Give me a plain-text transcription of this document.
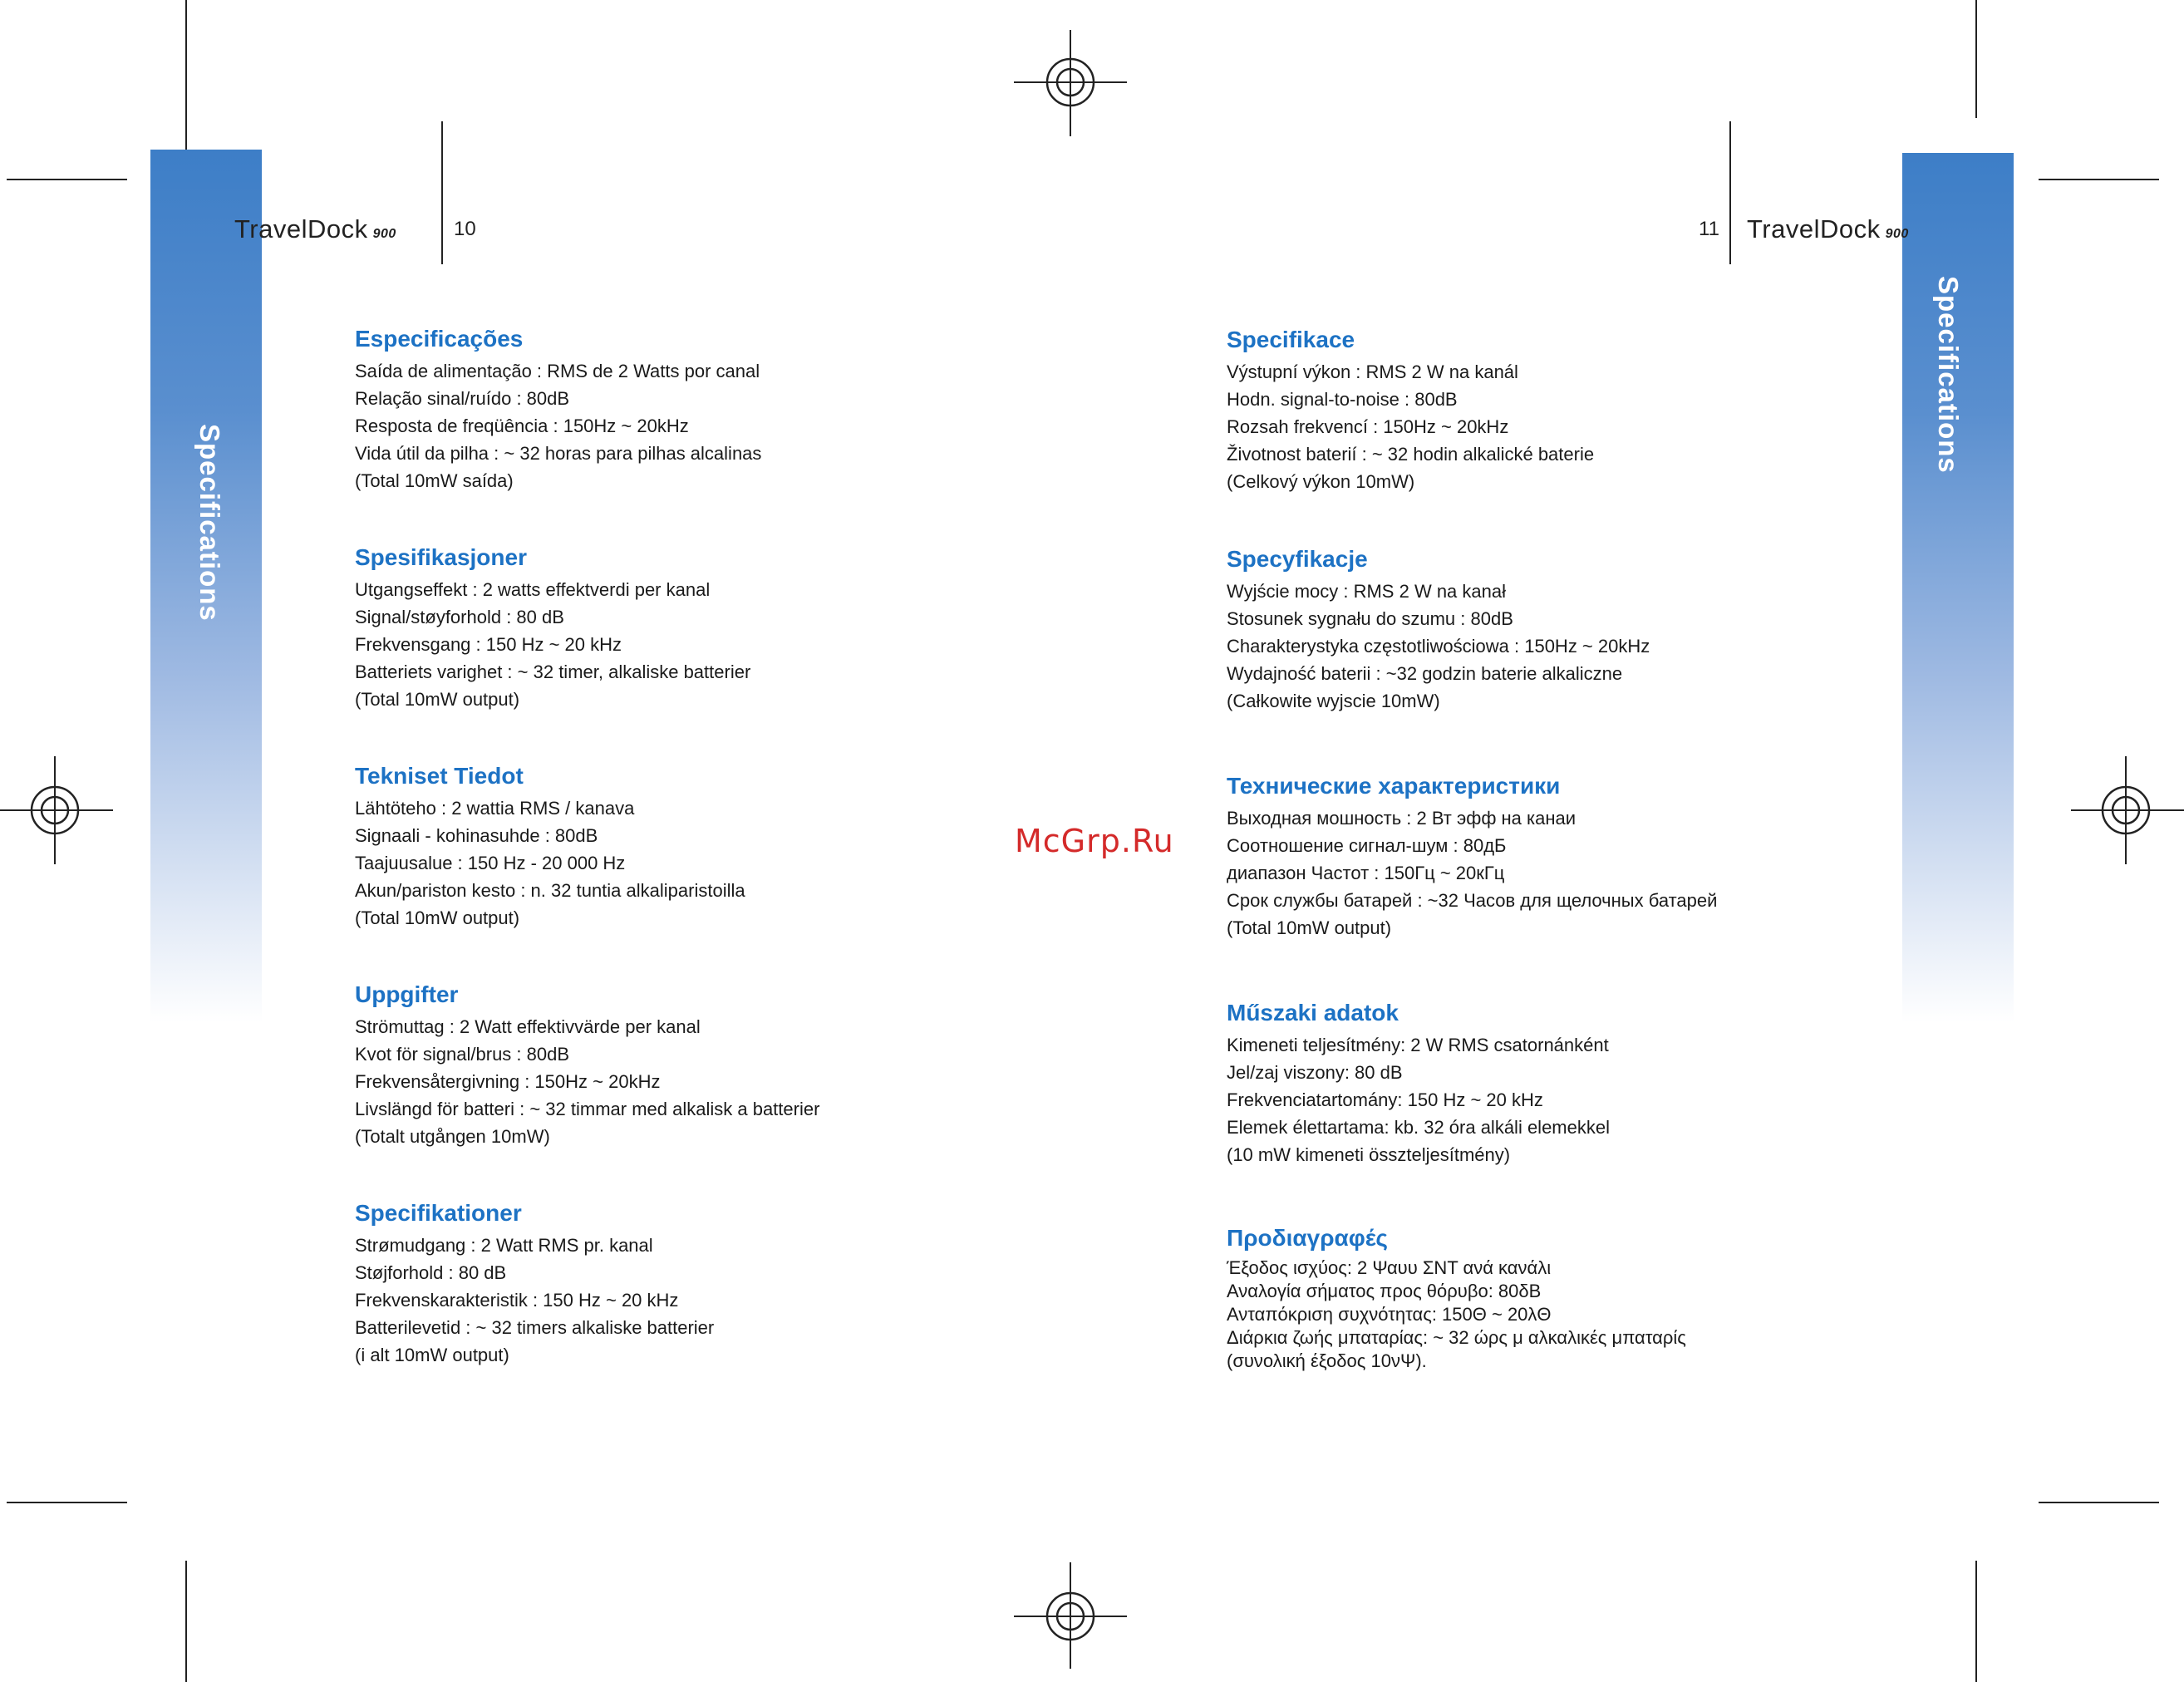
Specifications
Specifications
TravelDock 900	10	11 TravelDock 900
Especificações
Saída de alimentação : RMS de 2 Watts por canal
Relação sinal/ruído : 80dB
Resposta de freqüência : 150Hz ~ 20kHz
Vida útil da pilha : ~ 32 horas para pilhas alcalinas
(Total 10mW saída)
Spesifikasjoner
Utgangseffekt : 2 watts effektverdi per kanal
Signal/støyforhold : 80 dB
Frekvensgang : 150 Hz ~ 20 kHz
Batteriets varighet : ~ 32 timer, alkaliske batterier
(Total 10mW output)
Tekniset Tiedot
Lähtöteho : 2 wattia RMS / kanava
Signaali - kohinasuhde : 80dB
Taajuusalue : 150 Hz - 20 000 Hz
Akun/pariston kesto : n. 32 tuntia alkaliparistoilla
(Total 10mW output)
Uppgifter
Strömuttag : 2 Watt effektivvärde per kanal
Kvot för signal/brus : 80dB
Frekvensåtergivning : 150Hz ~ 20kHz
Livslängd för batteri : ~ 32 timmar med alkalisk a batterier
(Totalt utgången 10mW)
Specifikationer
Strømudgang : 2 Watt RMS pr. kanal
Støjforhold : 80 dB
Frekvenskarakteristik : 150 Hz ~ 20 kHz
Batterilevetid : ~ 32 timers alkaliske batterier
(i alt 10mW output)
McGrp.Ru
Specifikace
Výstupní výkon : RMS 2 W na kanál
Hodn. signal-to-noise : 80dB
Rozsah frekvencí : 150Hz ~ 20kHz
Životnost baterií : ~ 32 hodin alkalické baterie
(Celkový výkon 10mW)
Specyfikacje
Wyjście mocy : RMS 2 W na kanał
Stosunek sygnału do szumu : 80dB
Charakterystyka częstotliwościowa : 150Hz ~ 20kHz
Wydajność baterii : ~32 godzin baterie alkaliczne
(Całkowite wyjscie 10mW)
Технические характеристики
Выходная мошность : 2 Вт эфф на канаи
Соотношение сигнал-шум : 80дБ
диапазон Частот : 150Гц ~ 20кГц
Срок службы батарей : ~32 Часов для щелочных батарей
(Total 10mW output)
Műszaki adatok
Kimeneti teljesítmény: 2 W RMS csatornánként
Jel/zaj viszony: 80 dB
Frekvenciatartomány: 150 Hz ~ 20 kHz
Elemek élettartama: kb. 32 óra alkáli elemekkel
(10 mW kimeneti összteljesítmény)
Προδιαγραφές
Έξοδος ισχύος: 2 Ψαυυ ΣΝΤ ανά κανάλι
Αναλογία σήματος προς θόρυβο: 80δΒ
Ανταπόκριση συχνότητας: 150Θ ~ 20λΘ
Διάρκια ζωής μπαταρίας: ~ 32 ώρς μ αλκαλικές μπαταρίς
(συνολική έξοδος 10νΨ).
